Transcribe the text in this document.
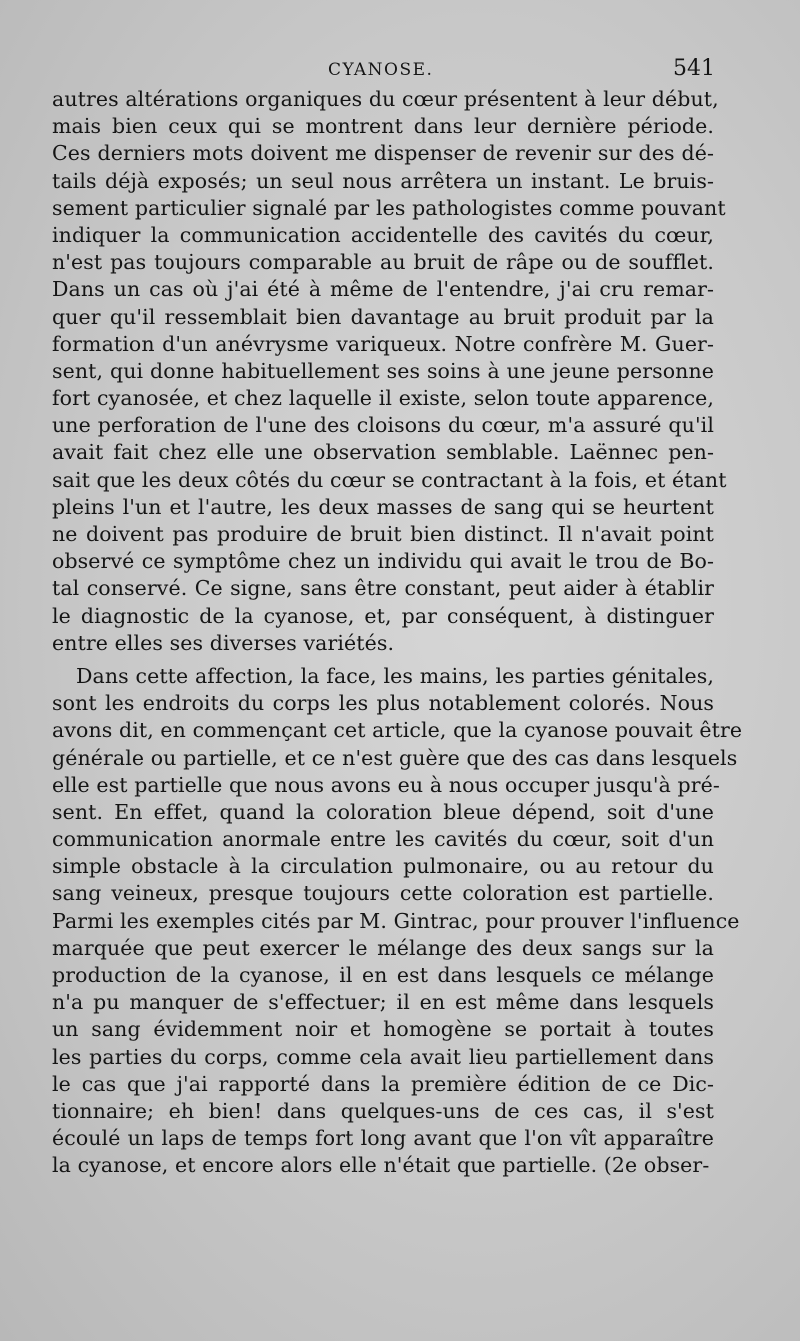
CYANOSE.	541
autres altérations organiques du cœur présentent à leur début,
mais bien ceux qui se montrent dans leur dernière période.
Ces derniers mots doivent me dispenser de revenir sur des dé-
tails déjà exposés; un seul nous arrêtera un instant. Le bruis-
sement particulier signalé par les pathologistes comme pouvant
indiquer la communication accidentelle des cavités du cœur,
n'est pas toujours comparable au bruit de râpe ou de soufflet.
Dans un cas où j'ai été à même de l'entendre, j'ai cru remar-
quer qu'il ressemblait bien davantage au bruit produit par la
formation d'un anévrysme variqueux. Notre confrère M. Guer-
sent, qui donne habituellement ses soins à une jeune personne
fort cyanosée, et chez laquelle il existe, selon toute apparence,
une perforation de l'une des cloisons du cœur, m'a assuré qu'il
avait fait chez elle une observation semblable. Laënnec pen-
sait que les deux côtés du cœur se contractant à la fois, et étant
pleins l'un et l'autre, les deux masses de sang qui se heurtent
ne doivent pas produire de bruit bien distinct. Il n'avait point
observé ce symptôme chez un individu qui avait le trou de Bo-
tal conservé. Ce signe, sans être constant, peut aider à établir
le diagnostic de la cyanose, et, par conséquent, à distinguer
entre elles ses diverses variétés.
Dans cette affection, la face, les mains, les parties génitales,
sont les endroits du corps les plus notablement colorés. Nous
avons dit, en commençant cet article, que la cyanose pouvait être
générale ou partielle, et ce n'est guère que des cas dans lesquels
elle est partielle que nous avons eu à nous occuper jusqu'à pré-
sent. En effet, quand la coloration bleue dépend, soit d'une
communication anormale entre les cavités du cœur, soit d'un
simple obstacle à la circulation pulmonaire, ou au retour du
sang veineux, presque toujours cette coloration est partielle.
Parmi les exemples cités par M. Gintrac, pour prouver l'influence
marquée que peut exercer le mélange des deux sangs sur la
production de la cyanose, il en est dans lesquels ce mélange
n'a pu manquer de s'effectuer; il en est même dans lesquels
un sang évidemment noir et homogène se portait à toutes
les parties du corps, comme cela avait lieu partiellement dans
le cas que j'ai rapporté dans la première édition de ce Dic-
tionnaire; eh bien! dans quelques-uns de ces cas, il s'est
écoulé un laps de temps fort long avant que l'on vît apparaître
la cyanose, et encore alors elle n'était que partielle. (2e obser-
